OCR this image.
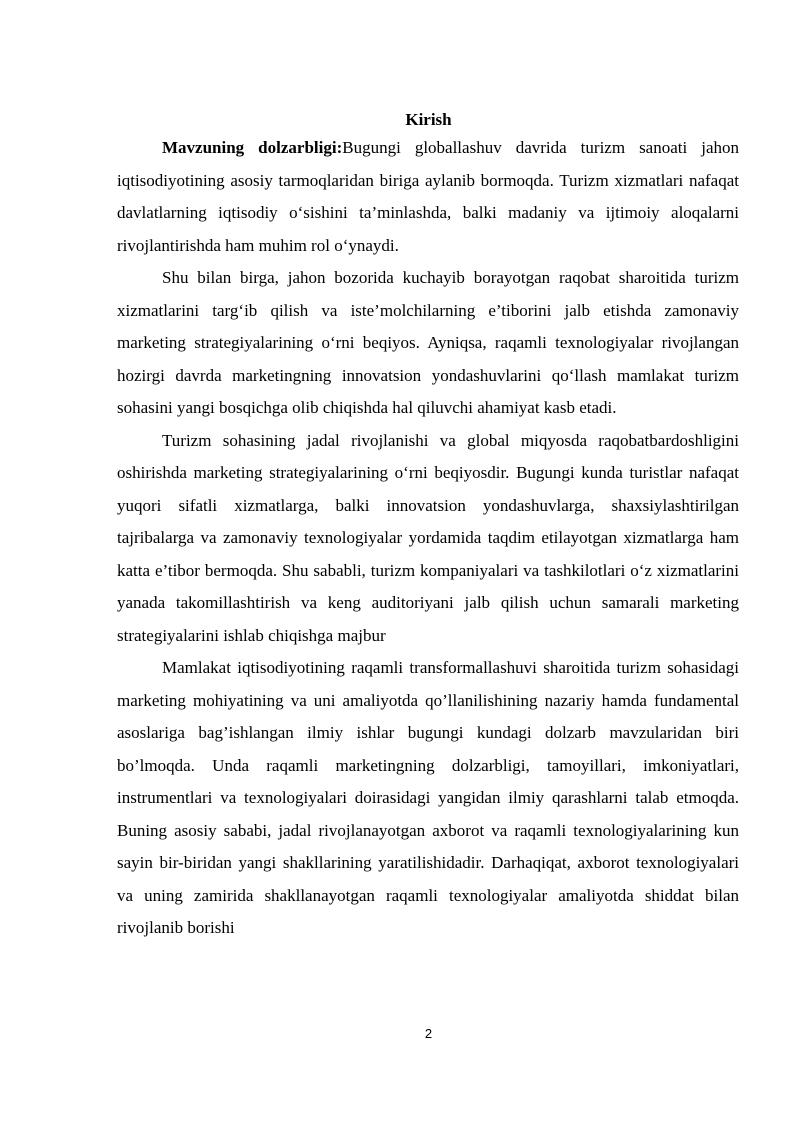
Kirish

Mavzuning dolzarbligi:Bugungi globallashuv davrida turizm sanoati jahon iqtisodiyotining asosiy tarmoqlaridan biriga aylanib bormoqda. Turizm xizmatlari nafaqat davlatlarning iqtisodiy o‘sishini ta’minlashda, balki madaniy va ijtimoiy aloqalarni rivojlantirishda ham muhim rol o‘ynaydi.

Shu bilan birga, jahon bozorida kuchayib borayotgan raqobat sharoitida turizm xizmatlarini targ‘ib qilish va iste’molchilarning e’tiborini jalb etishda zamonaviy marketing strategiyalarining o‘rni beqiyos. Ayniqsa, raqamli texnologiyalar rivojlangan hozirgi davrda marketingning innovatsion yondashuvlarini qo‘llash mamlakat turizm sohasini yangi bosqichga olib chiqishda hal qiluvchi ahamiyat kasb etadi.

Turizm sohasining jadal rivojlanishi va global miqyosda raqobatbardoshligini oshirishda marketing strategiyalarining o‘rni beqiyosdir. Bugungi kunda turistlar nafaqat yuqori sifatli xizmatlarga, balki innovatsion yondashuvlarga, shaxsiylashtirilgan tajribalarga va zamonaviy texnologiyalar yordamida taqdim etilayotgan xizmatlarga ham katta e’tibor bermoqda. Shu sababli, turizm kompaniyalari va tashkilotlari o‘z xizmatlarini yanada takomillashtirish va keng auditoriyani jalb qilish uchun samarali marketing strategiyalarini ishlab chiqishga majbur

Mamlakat iqtisodiyotining raqamli transformallashuvi sharoitida turizm sohasidagi marketing mohiyatining va uni amaliyotda qo’llanilishining nazariy hamda fundamental asoslariga bag’ishlangan ilmiy ishlar bugungi kundagi dolzarb mavzularidan biri bo’lmoqda. Unda raqamli marketingning dolzarbligi, tamoyillari, imkoniyatlari, instrumentlari va texnologiyalari doirasidagi yangidan ilmiy qarashlarni talab etmoqda. Buning asosiy sababi, jadal rivojlanayotgan axborot va raqamli texnologiyalarining kun sayin bir-biridan yangi shakllarining yaratilishidadir. Darhaqiqat, axborot texnologiyalari va uning zamirida shakllanayotgan raqamli texnologiyalar amaliyotda shiddat bilan rivojlanib borishi

2
